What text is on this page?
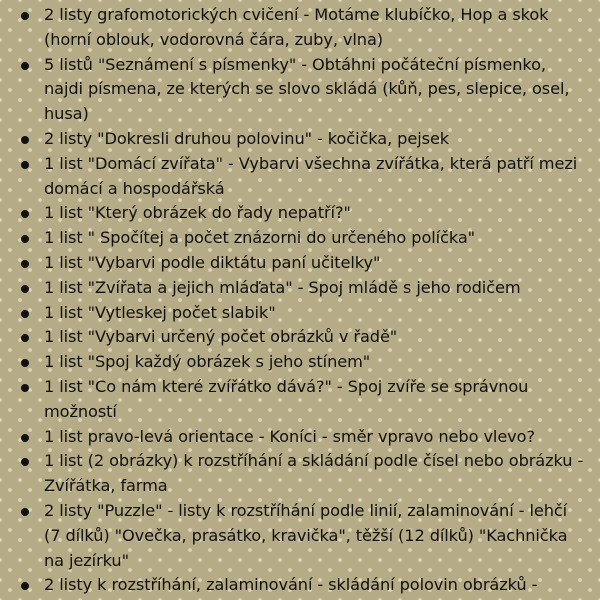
2 listy grafomotorických cvičení - Motáme klubíčko, Hop a skok (horní oblouk, vodorovná čára, zuby, vlna)
5 listů "Seznámení s písmenky" - Obtáhni počáteční písmenko, najdi písmena, ze kterých se slovo skládá (kůň, pes, slepice, osel, husa)
2 listy "Dokresli druhou polovinu" - kočička, pejsek
1 list "Domácí zvířata" - Vybarvi všechna zvířátka, která patří mezi domácí a hospodářská
1 list "Který obrázek do řady nepatří?"
1 list " Spočítej a počet znázorni do určeného políčka"
1 list "Vybarvi podle diktátu paní učitelky"
1 list "Zvířata a jejich mláďata" - Spoj mládě s jeho rodičem
1 list "Vytleskej počet slabik"
1 list "Vybarvi určený počet obrázků v řadě"
1 list "Spoj každý obrázek s jeho stínem"
1 list "Co nám které zvířátko dává?" - Spoj zvíře se správnou možností
1 list pravo-levá orientace - Koníci - směr vpravo nebo vlevo?
1 list (2 obrázky) k rozstříhání a skládání podle čísel nebo obrázku - Zvířátka, farma
2 listy "Puzzle" - listy k rozstříhání podle linií, zalaminování - lehčí (7 dílků) "Ovečka, prasátko, kravička", těžší (12 dílků) "Kachnička na jezírku"
2 listy k rozstříhání, zalaminování - skládání polovin obrázků -
